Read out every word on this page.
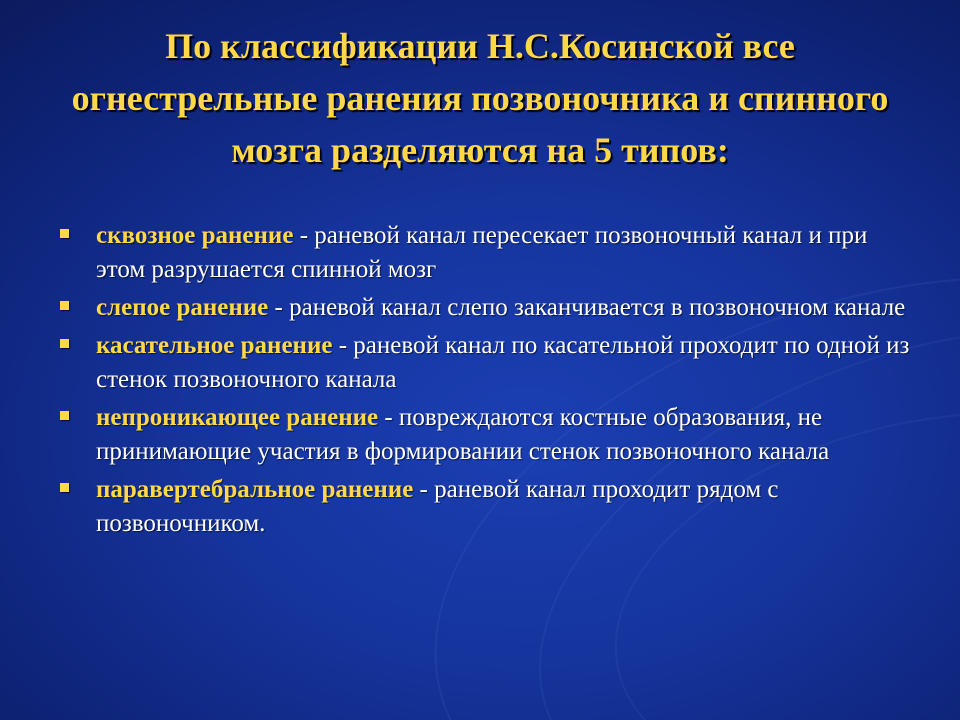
По классификации Н.С.Косинской все огнестрельные ранения позвоночника и спинного мозга разделяются на 5 типов:
сквозное ранение - раневой канал пересекает позвоночный канал и при этом разрушается спинной мозг
слепое ранение - раневой канал слепо заканчивается в позвоночном канале
касательное ранение - раневой канал по касательной проходит по одной из стенок позвоночного канала
непроникающее ранение - повреждаются костные образования, не принимающие участия в формировании стенок позвоночного канала
паравертебральное ранение - раневой канал проходит рядом с позвоночником.
